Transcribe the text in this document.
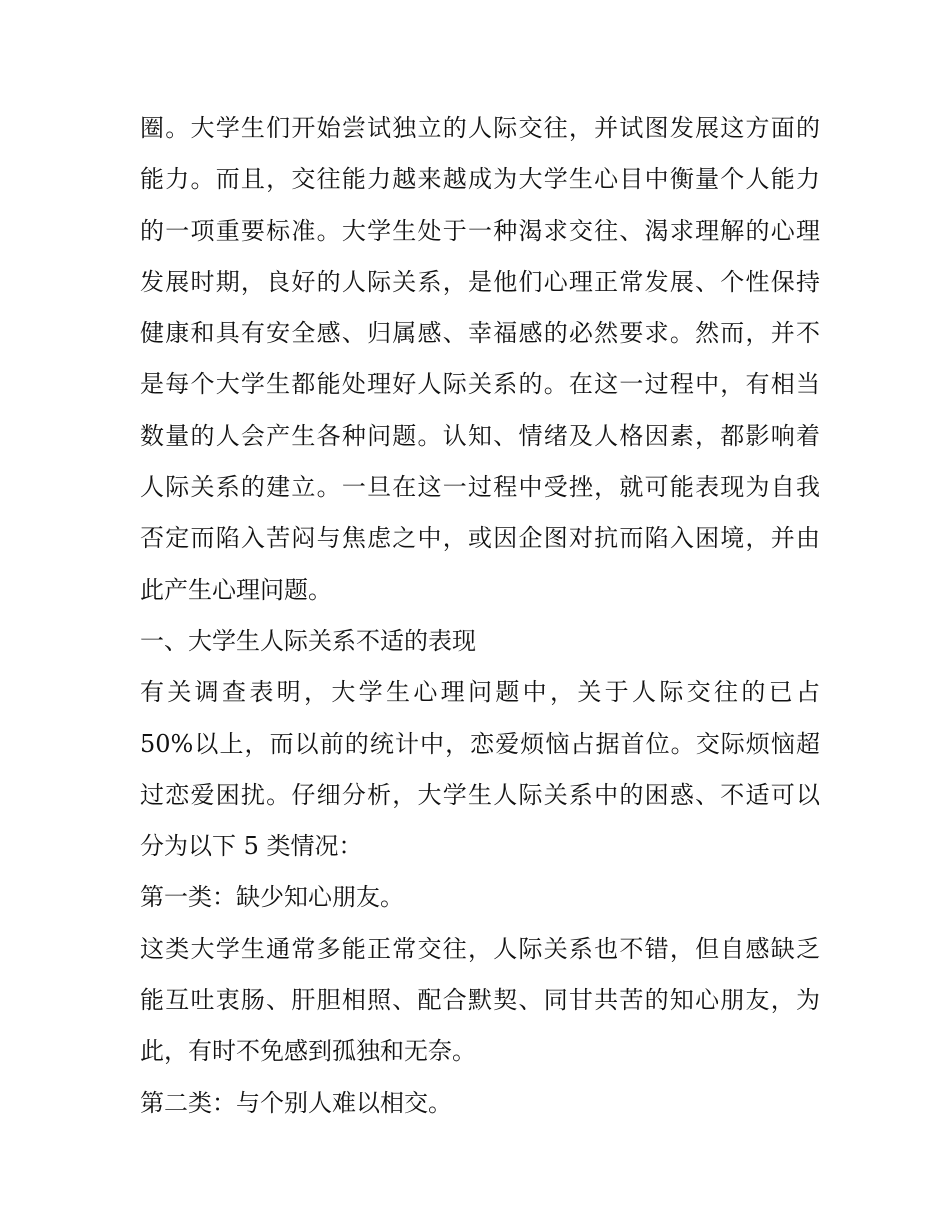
圈。大学生们开始尝试独立的人际交往，并试图发展这方面的
能力。而且，交往能力越来越成为大学生心目中衡量个人能力
的一项重要标准。大学生处于一种渴求交往、渴求理解的心理
发展时期，良好的人际关系，是他们心理正常发展、个性保持
健康和具有安全感、归属感、幸福感的必然要求。然而，并不
是每个大学生都能处理好人际关系的。在这一过程中，有相当
数量的人会产生各种问题。认知、情绪及人格因素，都影响着
人际关系的建立。一旦在这一过程中受挫，就可能表现为自我
否定而陷入苦闷与焦虑之中，或因企图对抗而陷入困境，并由
此产生心理问题。
一、大学生人际关系不适的表现
有关调查表明，大学生心理问题中，关于人际交往的已占
50%以上，而以前的统计中，恋爱烦恼占据首位。交际烦恼超
过恋爱困扰。仔细分析，大学生人际关系中的困惑、不适可以
分为以下 5 类情况：
第一类：缺少知心朋友。
这类大学生通常多能正常交往，人际关系也不错，但自感缺乏
能互吐衷肠、肝胆相照、配合默契、同甘共苦的知心朋友，为
此，有时不免感到孤独和无奈。
第二类：与个别人难以相交。
